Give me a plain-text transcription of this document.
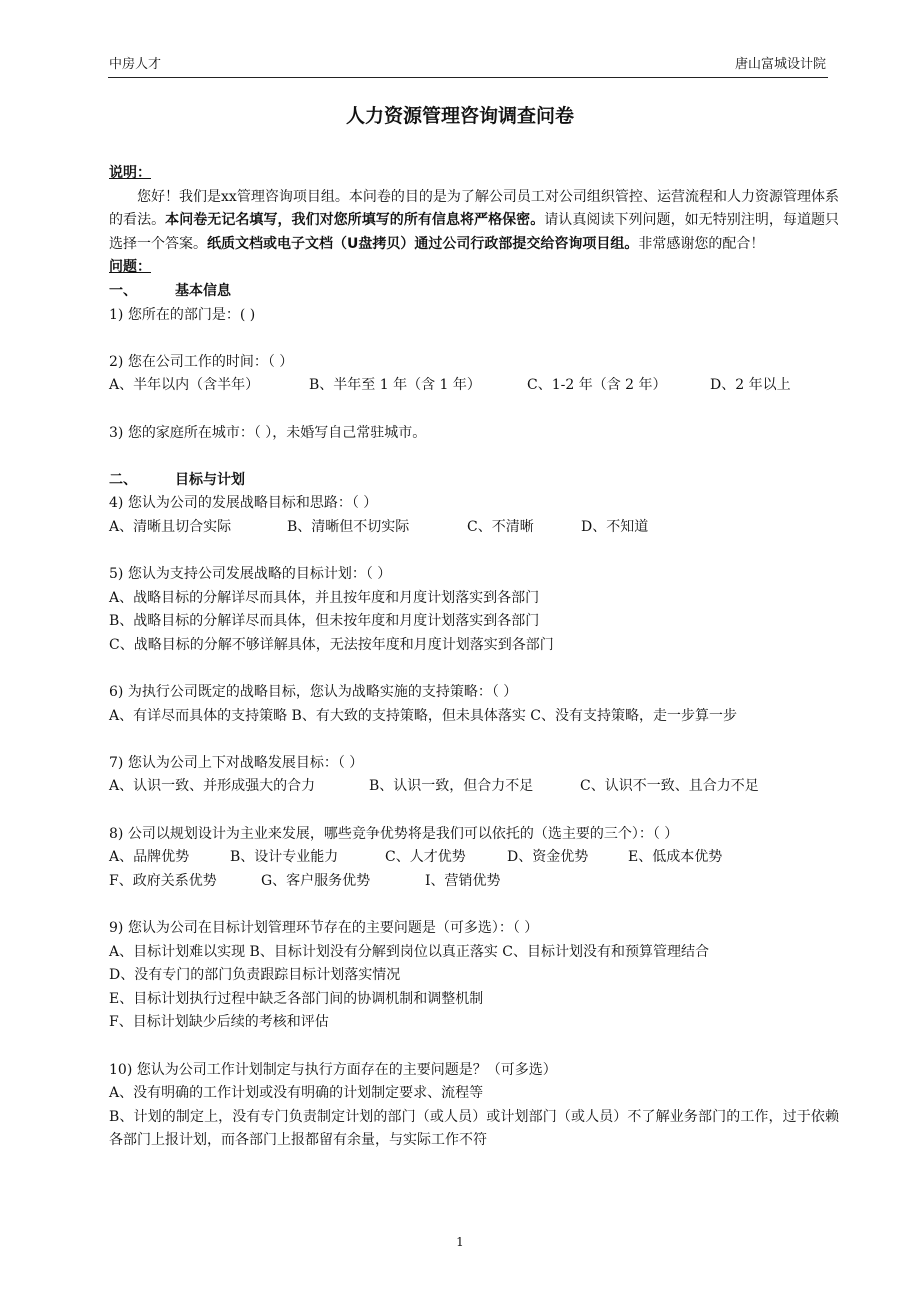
中房人才	唐山富城设计院
人力资源管理咨询调查问卷
说明：
您好！我们是xx管理咨询项目组。本问卷的目的是为了解公司员工对公司组织管控、运营流程和人力资源管理体系的看法。本问卷无记名填写，我们对您所填写的所有信息将严格保密。请认真阅读下列问题，如无特别注明，每道题只选择一个答案。纸质文档或电子文档（U盘拷贝）通过公司行政部提交给咨询项目组。非常感谢您的配合！
问题：
一、	基本信息
1) 您所在的部门是：( )
2) 您在公司工作的时间：（ ）
A、半年以内（含半年）	B、半年至 1 年（含 1 年）	C、1-2 年（含 2 年）	D、2 年以上
3) 您的家庭所在城市：（ ），未婚写自己常驻城市。
二、	目标与计划
4) 您认为公司的发展战略目标和思路：（ ）
A、清晰且切合实际	B、清晰但不切实际	C、不清晰	D、不知道
5) 您认为支持公司发展战略的目标计划：（ ）
A、战略目标的分解详尽而具体，并且按年度和月度计划落实到各部门
B、战略目标的分解详尽而具体，但未按年度和月度计划落实到各部门
C、战略目标的分解不够详解具体，无法按年度和月度计划落实到各部门
6) 为执行公司既定的战略目标，您认为战略实施的支持策略：（ ）
A、有详尽而具体的支持策略 B、有大致的支持策略，但未具体落实 C、没有支持策略，走一步算一步
7) 您认为公司上下对战略发展目标：（ ）
A、认识一致、并形成强大的合力	B、认识一致，但合力不足	C、认识不一致、且合力不足
8) 公司以规划设计为主业来发展，哪些竞争优势将是我们可以依托的（选主要的三个）：（ ）
A、品牌优势	B、设计专业能力	C、人才优势	D、资金优势	E、低成本优势
F、政府关系优势	G、客户服务优势	I、营销优势
9) 您认为公司在目标计划管理环节存在的主要问题是（可多选）：（ ）
A、目标计划难以实现 B、目标计划没有分解到岗位以真正落实 C、目标计划没有和预算管理结合
D、没有专门的部门负责跟踪目标计划落实情况
E、目标计划执行过程中缺乏各部门间的协调机制和调整机制
F、目标计划缺少后续的考核和评估
10) 您认为公司工作计划制定与执行方面存在的主要问题是？（可多选）
A、没有明确的工作计划或没有明确的计划制定要求、流程等
B、计划的制定上，没有专门负责制定计划的部门（或人员）或计划部门（或人员）不了解业务部门的工作，过于依赖各部门上报计划，而各部门上报都留有余量，与实际工作不符
1
